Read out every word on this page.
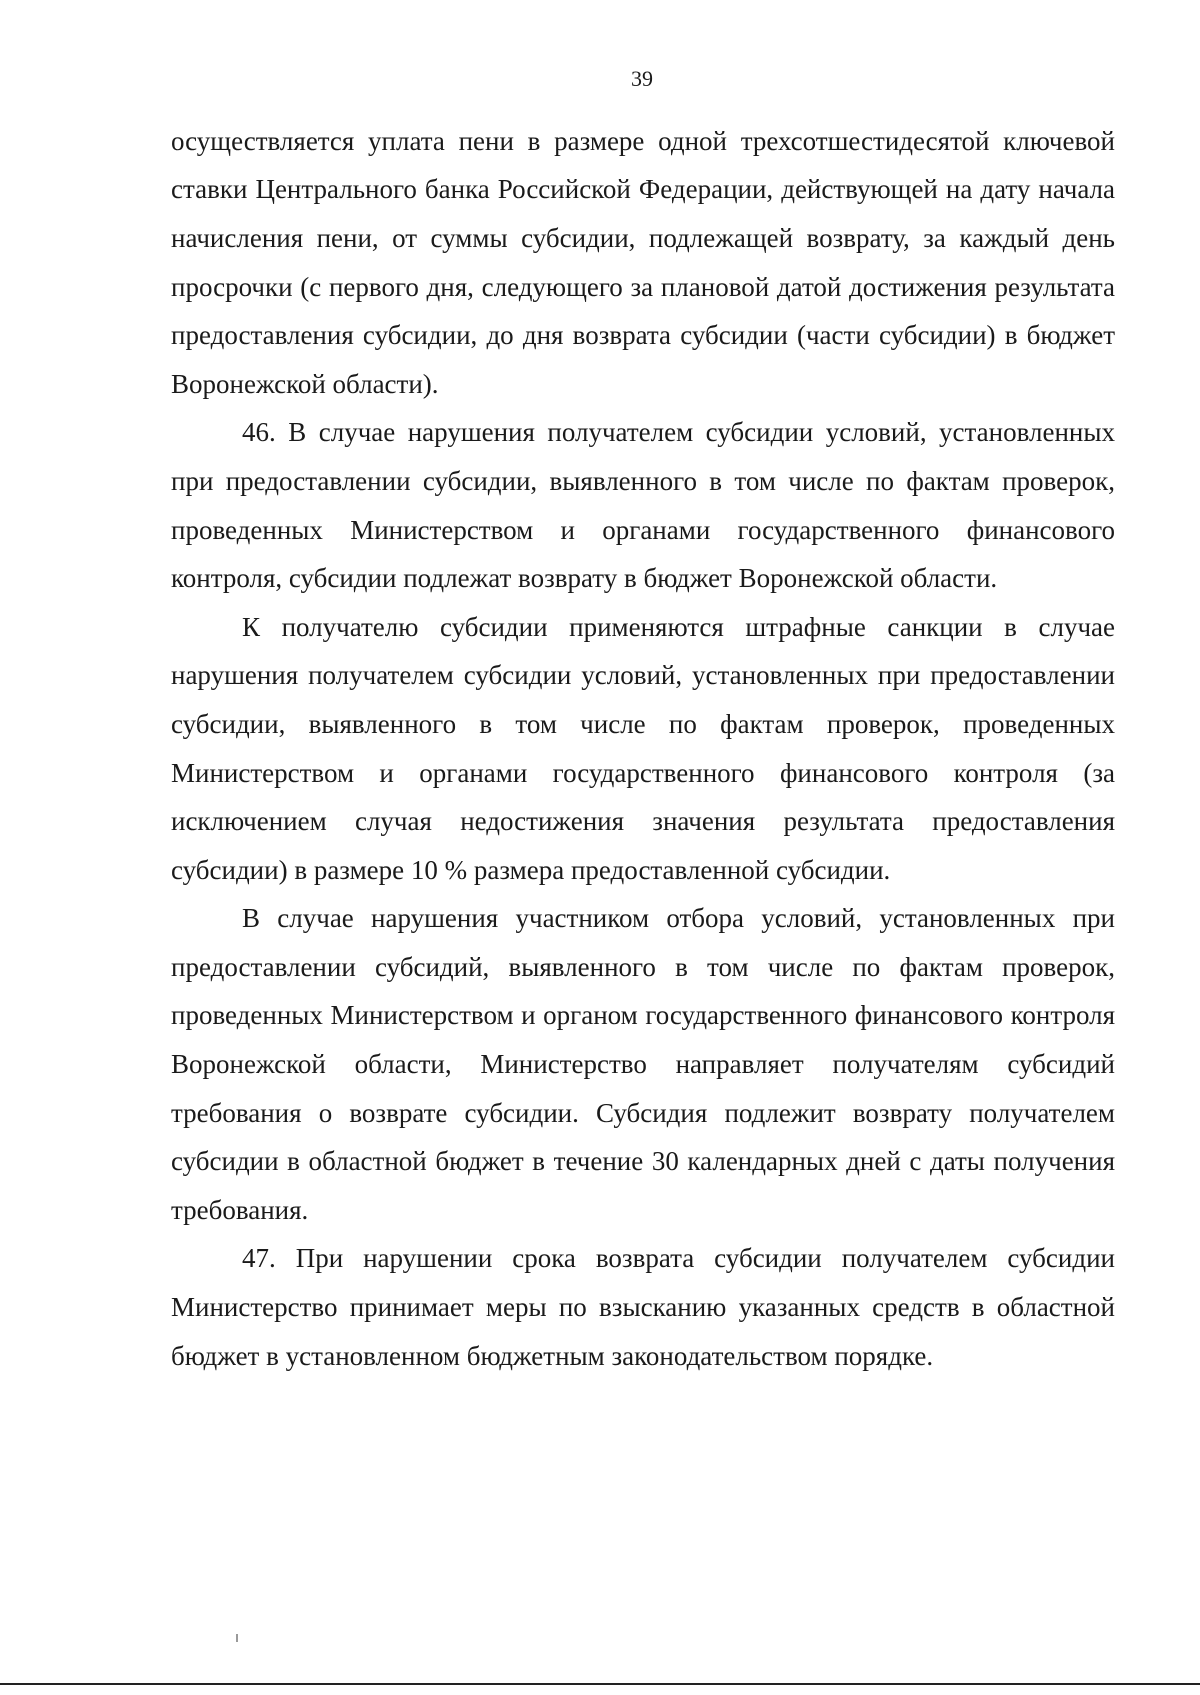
39

осуществляется уплата пени в размере одной трехсотшестидесятой ключевой ставки Центрального банка Российской Федерации, действующей на дату начала начисления пени, от суммы субсидии, подлежащей возврату, за каждый день просрочки (с первого дня, следующего за плановой датой достижения результата предоставления субсидии, до дня возврата субсидии (части субсидии) в бюджет Воронежской области).

46. В случае нарушения получателем субсидии условий, установленных при предоставлении субсидии, выявленного в том числе по фактам проверок, проведенных Министерством и органами государственного финансового контроля, субсидии подлежат возврату в бюджет Воронежской области.

К получателю субсидии применяются штрафные санкции в случае нарушения получателем субсидии условий, установленных при предоставлении субсидии, выявленного в том числе по фактам проверок, проведенных Министерством и органами государственного финансового контроля (за исключением случая недостижения значения результата предоставления субсидии) в размере 10 % размера предоставленной субсидии.

В случае нарушения участником отбора условий, установленных при предоставлении субсидий, выявленного в том числе по фактам проверок, проведенных Министерством и органом государственного финансового контроля Воронежской области, Министерство направляет получателям субсидий требования о возврате субсидии. Субсидия подлежит возврату получателем субсидии в областной бюджет в течение 30 календарных дней с даты получения требования.

47. При нарушении срока возврата субсидии получателем субсидии Министерство принимает меры по взысканию указанных средств в областной бюджет в установленном бюджетным законодательством порядке.
